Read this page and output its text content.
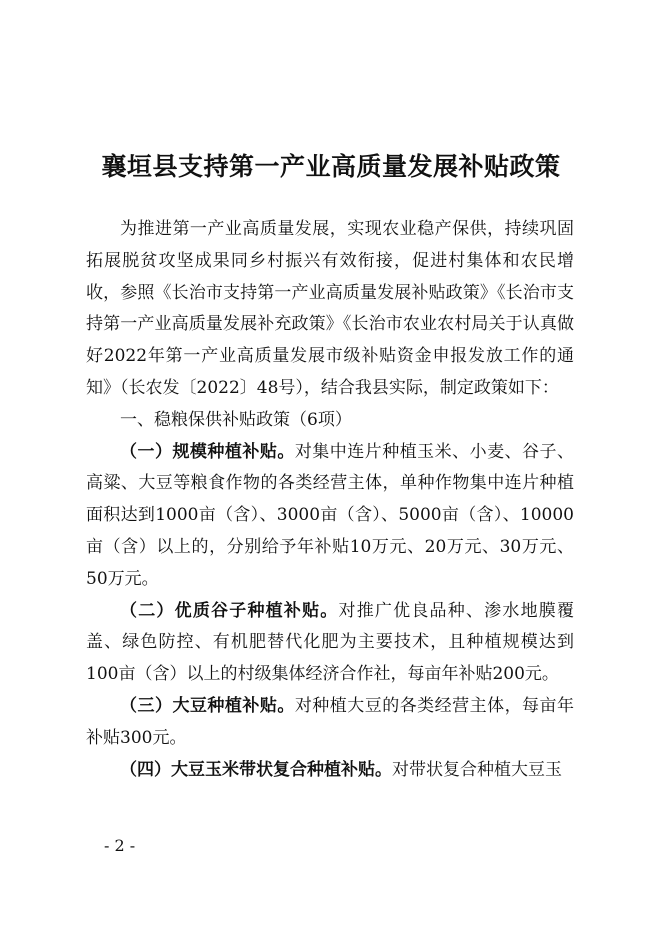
襄垣县支持第一产业高质量发展补贴政策

为推进第一产业高质量发展，实现农业稳产保供，持续巩固拓展脱贫攻坚成果同乡村振兴有效衔接，促进村集体和农民增收，参照《长治市支持第一产业高质量发展补贴政策》《长治市支持第一产业高质量发展补充政策》《长治市农业农村局关于认真做好2022年第一产业高质量发展市级补贴资金申报发放工作的通知》（长农发〔2022〕48号），结合我县实际，制定政策如下：

一、稳粮保供补贴政策（6项）

（一）规模种植补贴。对集中连片种植玉米、小麦、谷子、高粱、大豆等粮食作物的各类经营主体，单种作物集中连片种植面积达到1000亩（含）、3000亩（含）、5000亩（含）、10000亩（含）以上的，分别给予年补贴10万元、20万元、30万元、50万元。

（二）优质谷子种植补贴。对推广优良品种、渗水地膜覆盖、绿色防控、有机肥替代化肥为主要技术，且种植规模达到100亩（含）以上的村级集体经济合作社，每亩年补贴200元。

（三）大豆种植补贴。对种植大豆的各类经营主体，每亩年补贴300元。

（四）大豆玉米带状复合种植补贴。对带状复合种植大豆玉

- 2 -
